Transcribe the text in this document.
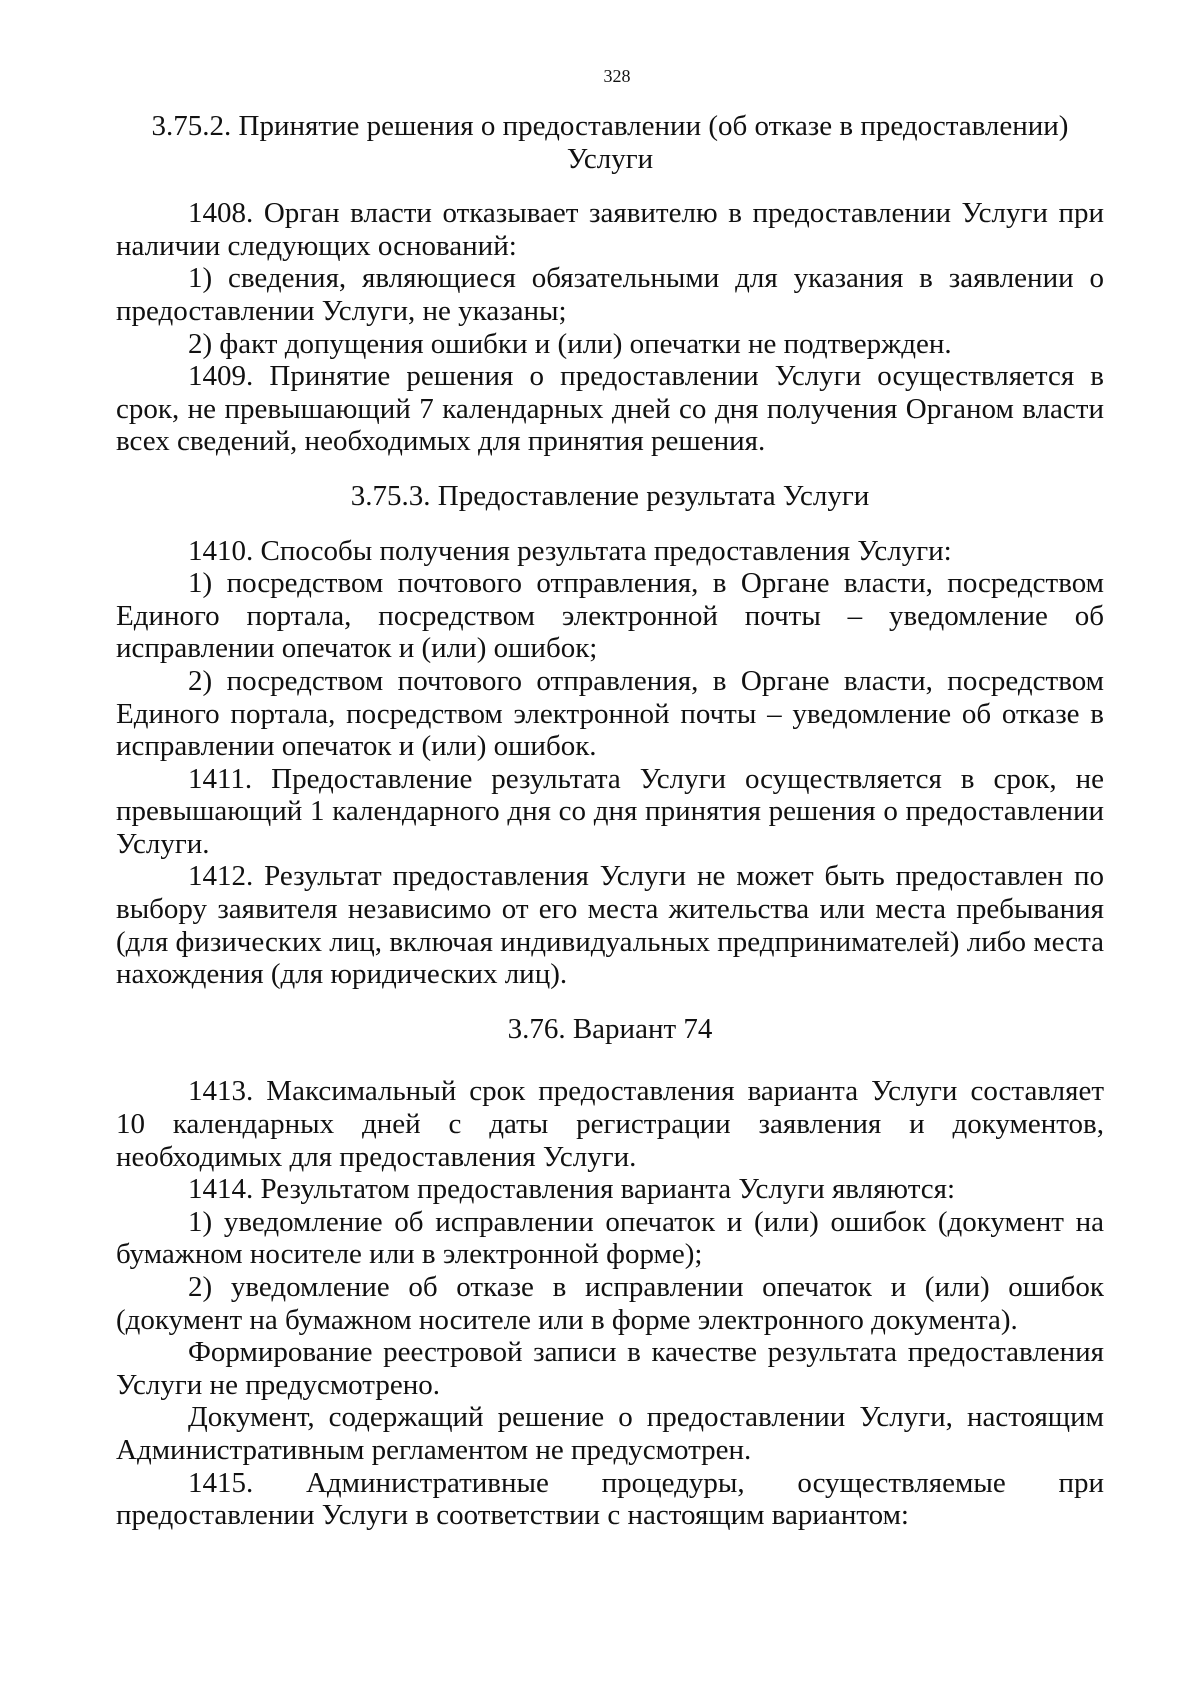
328
3.75.2. Принятие решения о предоставлении (об отказе в предоставлении) Услуги

1408. Орган власти отказывает заявителю в предоставлении Услуги при наличии следующих оснований:

1) сведения, являющиеся обязательными для указания в заявлении о предоставлении Услуги, не указаны;

2) факт допущения ошибки и (или) опечатки не подтвержден.

1409. Принятие решения о предоставлении Услуги осуществляется в срок, не превышающий 7 календарных дней со дня получения Органом власти всех сведений, необходимых для принятия решения.

3.75.3. Предоставление результата Услуги

1410. Способы получения результата предоставления Услуги:

1) посредством почтового отправления, в Органе власти, посредством Единого портала, посредством электронной почты – уведомление об исправлении опечаток и (или) ошибок;

2) посредством почтового отправления, в Органе власти, посредством Единого портала, посредством электронной почты – уведомление об отказе в исправлении опечаток и (или) ошибок.

1411. Предоставление результата Услуги осуществляется в срок, не превышающий 1 календарного дня со дня принятия решения о предоставлении Услуги.

1412. Результат предоставления Услуги не может быть предоставлен по выбору заявителя независимо от его места жительства или места пребывания (для физических лиц, включая индивидуальных предпринимателей) либо места нахождения (для юридических лиц).

3.76. Вариант 74

1413. Максимальный срок предоставления варианта Услуги составляет 10 календарных дней с даты регистрации заявления и документов, необходимых для предоставления Услуги.

1414. Результатом предоставления варианта Услуги являются:

1) уведомление об исправлении опечаток и (или) ошибок (документ на бумажном носителе или в электронной форме);

2) уведомление об отказе в исправлении опечаток и (или) ошибок (документ на бумажном носителе или в форме электронного документа).

Формирование реестровой записи в качестве результата предоставления Услуги не предусмотрено.

Документ, содержащий решение о предоставлении Услуги, настоящим Административным регламентом не предусмотрен.

1415. Административные процедуры, осуществляемые при предоставлении Услуги в соответствии с настоящим вариантом:
